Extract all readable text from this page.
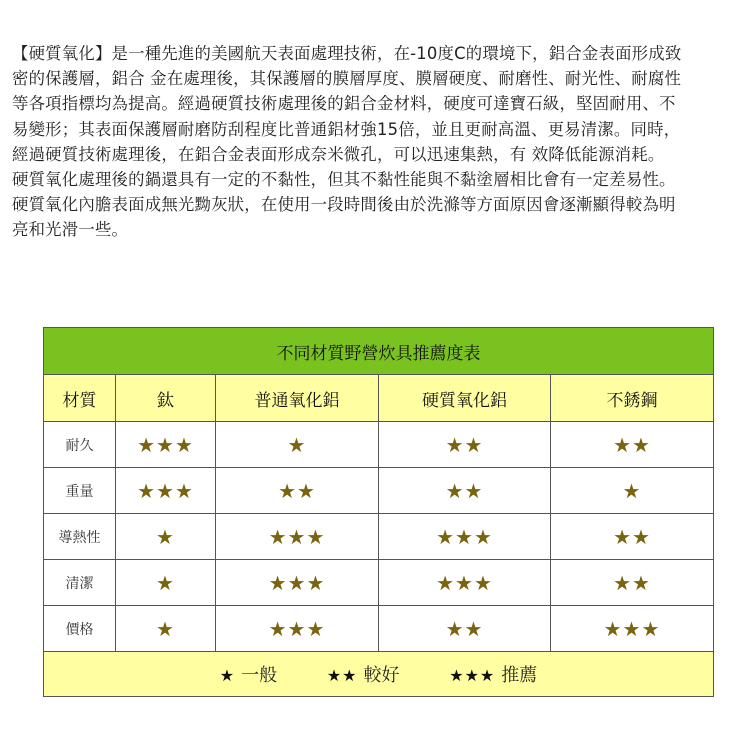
【硬質氧化】是一種先進的美國航天表面處理技術，在-10度C的環境下，鋁合金表面形成致

密的保護層，鋁合 金在處理後，其保護層的膜層厚度、膜層硬度、耐磨性、耐光性、耐腐性

等各項指標均為提高。經過硬質技術處理後的鋁合金材料，硬度可達寶石級，堅固耐用、不

易變形；其表面保護層耐磨防刮程度比普通鋁材強15倍，並且更耐高溫、更易清潔。同時，

經過硬質技術處理後，在鋁合金表面形成奈米微孔，可以迅速集熱，有 效降低能源消耗。

硬質氧化處理後的鍋還具有一定的不黏性，但其不黏性能與不黏塗層相比會有一定差易性。

硬質氧化內膽表面成無光黝灰狀，在使用一段時間後由於洗滌等方面原因會逐漸顯得較為明

亮和光滑一些。

不同材質野營炊具推薦度表				
材質	鈦	普通氧化鋁	硬質氧化鋁	不銹鋼
耐久	★★★	★	★★	★★
重量	★★★	★★	★★	★
導熱性	★	★★★	★★★	★★
清潔	★	★★★	★★★	★★
價格	★	★★★	★★	★★★
★ 一般 ★★ 較好 ★★★ 推薦				
